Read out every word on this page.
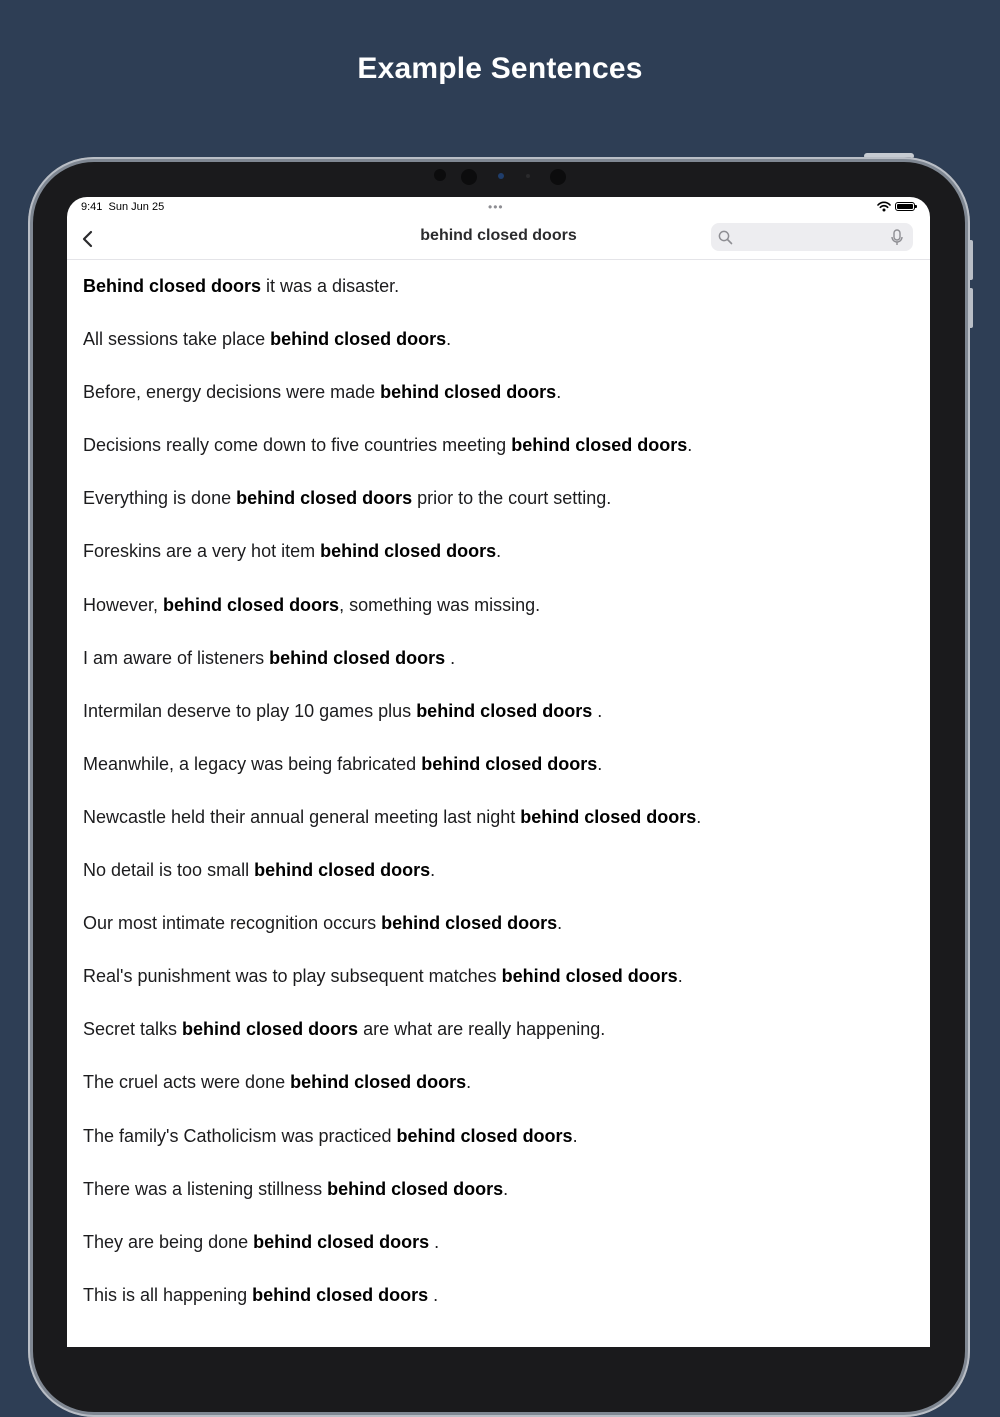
Example Sentences
9:41 Sun Jun 25	•••
behind closed doors
Behind closed doors it was a disaster.
All sessions take place behind closed doors.
Before, energy decisions were made behind closed doors.
Decisions really come down to five countries meeting behind closed doors.
Everything is done behind closed doors prior to the court setting.
Foreskins are a very hot item behind closed doors.
However, behind closed doors, something was missing.
I am aware of listeners behind closed doors .
Intermilan deserve to play 10 games plus behind closed doors .
Meanwhile, a legacy was being fabricated behind closed doors.
Newcastle held their annual general meeting last night behind closed doors.
No detail is too small behind closed doors.
Our most intimate recognition occurs behind closed doors.
Real's punishment was to play subsequent matches behind closed doors.
Secret talks behind closed doors are what are really happening.
The cruel acts were done behind closed doors.
The family's Catholicism was practiced behind closed doors.
There was a listening stillness behind closed doors.
They are being done behind closed doors .
This is all happening behind closed doors .
